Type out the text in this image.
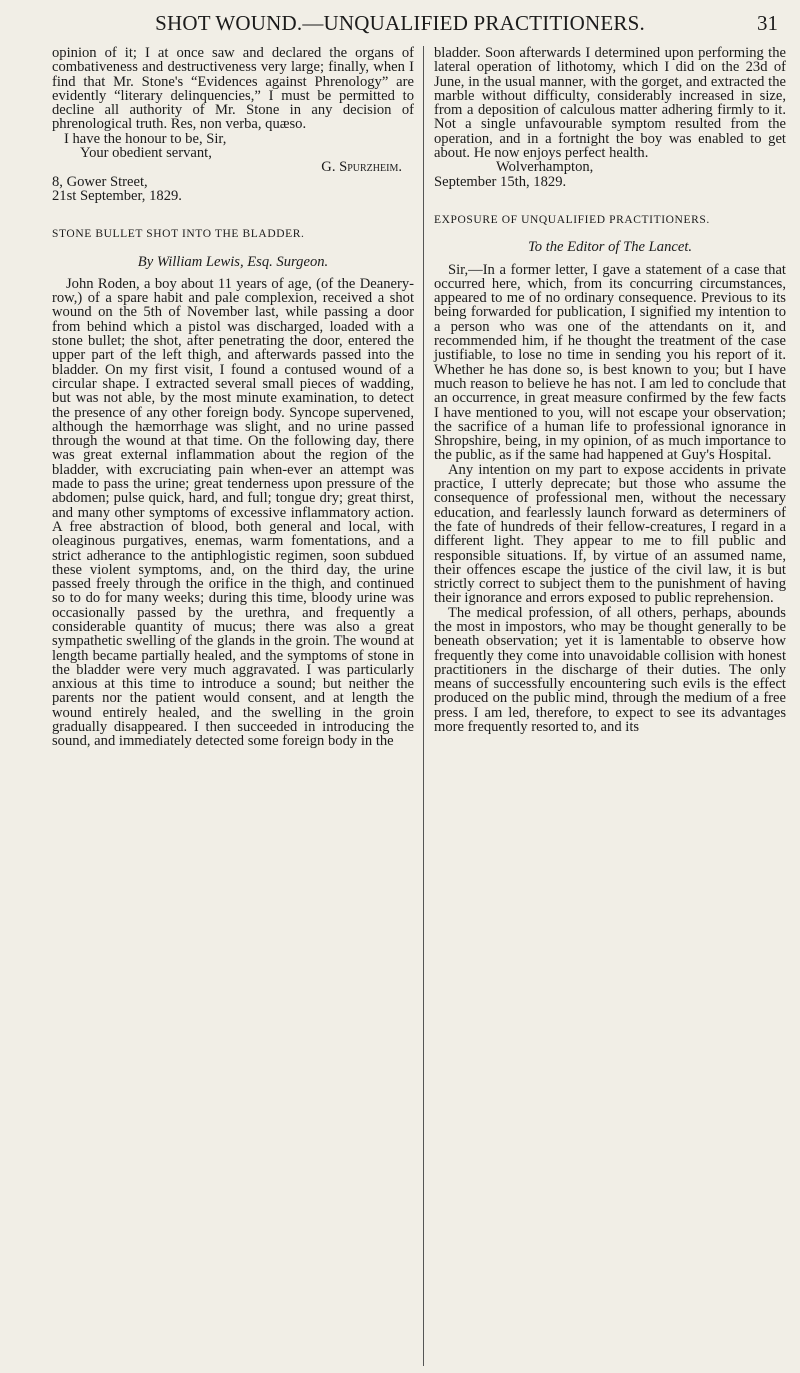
SHOT WOUND.—UNQUALIFIED PRACTITIONERS.	31

opinion of it; I at once saw and declared the organs of combativeness and destructiveness very large; finally, when I find that Mr. Stone's “Evidences against Phrenology” are evidently “literary delinquencies,” I must be permitted to decline all authority of Mr. Stone in any decision of phrenological truth. Res, non verba, quæso.

I have the honour to be, Sir,

Your obedient servant,

G. Spurzheim.

8, Gower Street,

21st September, 1829.

STONE BULLET SHOT INTO THE BLADDER.

By William Lewis, Esq. Surgeon.

John Roden, a boy about 11 years of age, (of the Deanery-row,) of a spare habit and pale complexion, received a shot wound on the 5th of November last, while passing a door from behind which a pistol was discharged, loaded with a stone bullet; the shot, after penetrating the door, entered the upper part of the left thigh, and afterwards passed into the bladder. On my first visit, I found a contused wound of a circular shape. I extracted several small pieces of wadding, but was not able, by the most minute examination, to detect the presence of any other foreign body. Syncope supervened, although the hæmorrhage was slight, and no urine passed through the wound at that time. On the following day, there was great external inflammation about the region of the bladder, with excruciating pain when-ever an attempt was made to pass the urine; great tenderness upon pressure of the abdomen; pulse quick, hard, and full; tongue dry; great thirst, and many other symptoms of excessive inflammatory action. A free abstraction of blood, both general and local, with oleaginous purgatives, enemas, warm fomentations, and a strict adherance to the antiphlogistic regimen, soon subdued these violent symptoms, and, on the third day, the urine passed freely through the orifice in the thigh, and continued so to do for many weeks; during this time, bloody urine was occasionally passed by the urethra, and frequently a considerable quantity of mucus; there was also a great sympathetic swelling of the glands in the groin. The wound at length became partially healed, and the symptoms of stone in the bladder were very much aggravated. I was particularly anxious at this time to introduce a sound; but neither the parents nor the patient would consent, and at length the wound entirely healed, and the swelling in the groin gradually disappeared. I then succeeded in introducing the sound, and immediately detected some foreign body in the

bladder. Soon afterwards I determined upon performing the lateral operation of lithotomy, which I did on the 23d of June, in the usual manner, with the gorget, and extracted the marble without difficulty, considerably increased in size, from a deposition of calculous matter adhering firmly to it. Not a single unfavourable symptom resulted from the operation, and in a fortnight the boy was enabled to get about. He now enjoys perfect health.

Wolverhampton,

September 15th, 1829.

EXPOSURE OF UNQUALIFIED PRACTITIONERS.

To the Editor of The Lancet.

Sir,—In a former letter, I gave a statement of a case that occurred here, which, from its concurring circumstances, appeared to me of no ordinary consequence. Previous to its being forwarded for publication, I signified my intention to a person who was one of the attendants on it, and recommended him, if he thought the treatment of the case justifiable, to lose no time in sending you his report of it. Whether he has done so, is best known to you; but I have much reason to believe he has not. I am led to conclude that an occurrence, in great measure confirmed by the few facts I have mentioned to you, will not escape your observation; the sacrifice of a human life to professional ignorance in Shropshire, being, in my opinion, of as much importance to the public, as if the same had happened at Guy's Hospital.

Any intention on my part to expose accidents in private practice, I utterly deprecate; but those who assume the consequence of professional men, without the necessary education, and fearlessly launch forward as determiners of the fate of hundreds of their fellow-creatures, I regard in a different light. They appear to me to fill public and responsible situations. If, by virtue of an assumed name, their offences escape the justice of the civil law, it is but strictly correct to subject them to the punishment of having their ignorance and errors exposed to public reprehension.

The medical profession, of all others, perhaps, abounds the most in impostors, who may be thought generally to be beneath observation; yet it is lamentable to observe how frequently they come into unavoidable collision with honest practitioners in the discharge of their duties. The only means of successfully encountering such evils is the effect produced on the public mind, through the medium of a free press. I am led, therefore, to expect to see its advantages more frequently resorted to, and its
